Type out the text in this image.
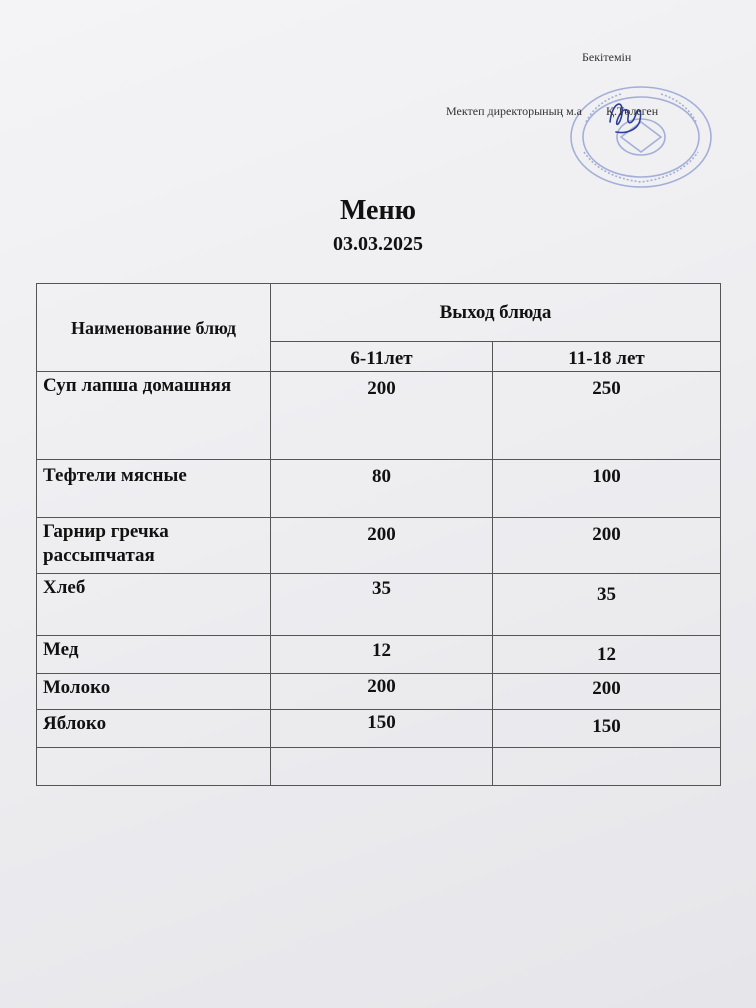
Бекітемін
Мектеп директорының м.а Қ.Төлеген
Меню
03.03.2025
Наименование блюд	Выход блюда	
	6-11лет	11-18 лет
Суп лапша домашняя	200	250
Тефтели мясные	80	100
Гарнир гречка рассыпчатая	200	200
Хлеб	35	35
Мед	12	12
Молоко	200	200
Яблоко	150	150
